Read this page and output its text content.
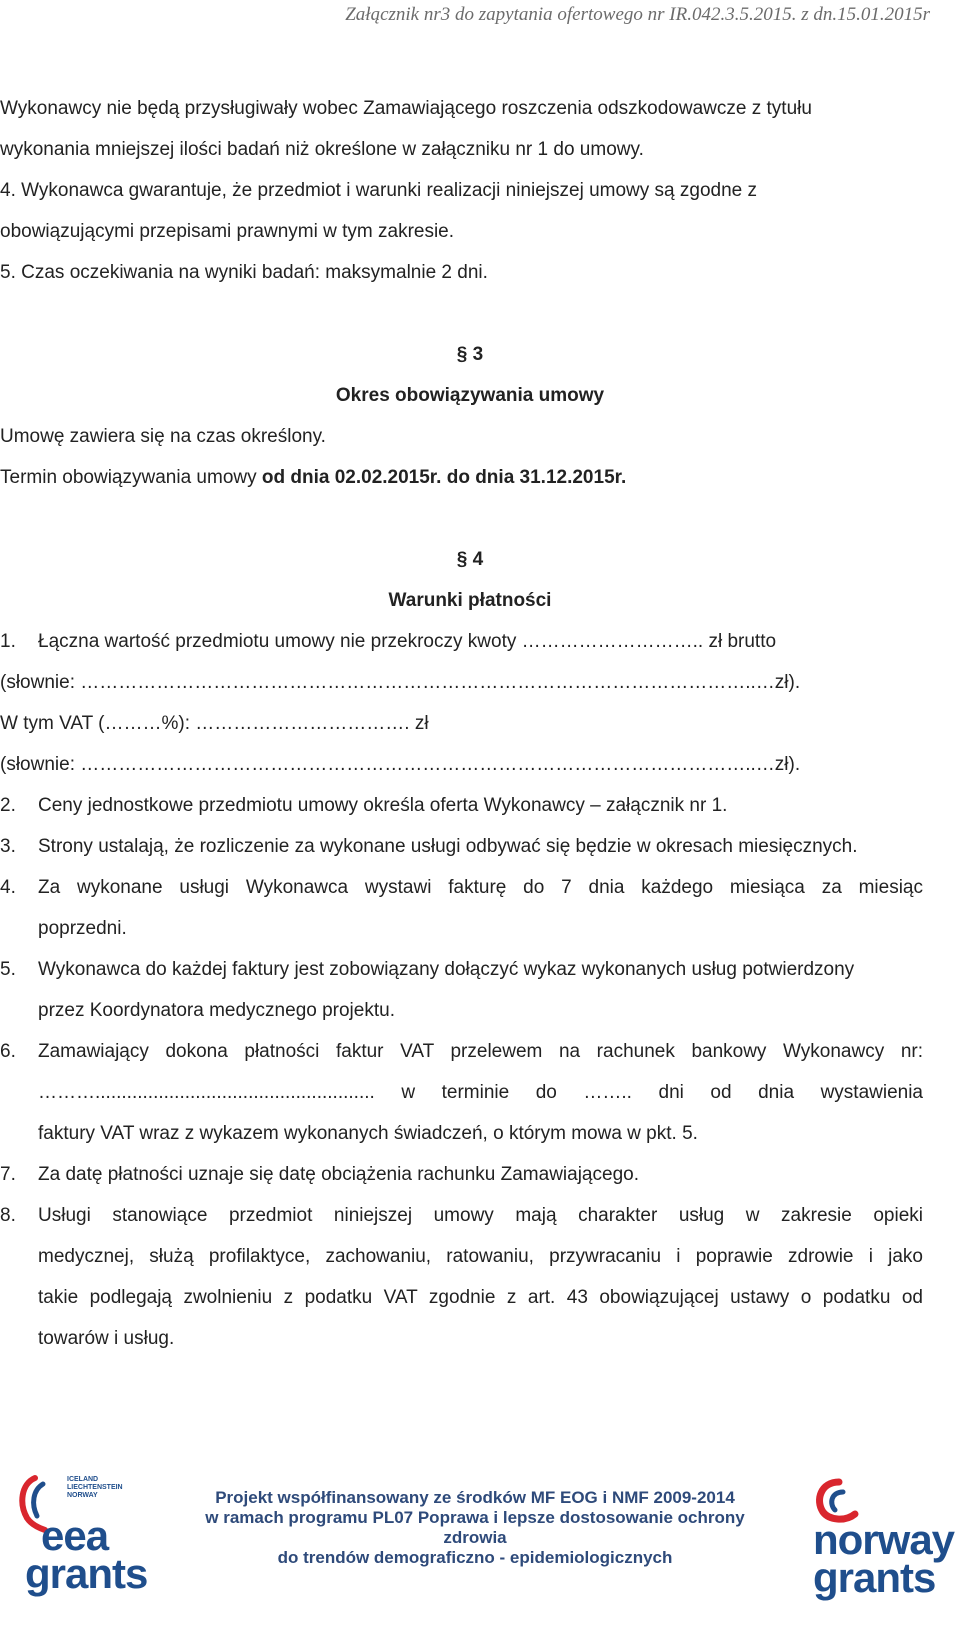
Załącznik nr3 do zapytania ofertowego nr IR.042.3.5.2015. z dn.15.01.2015r
Wykonawcy nie będą przysługiwały wobec Zamawiającego roszczenia odszkodowawcze z tytułu
wykonania mniejszej ilości badań niż określone w załączniku nr 1 do umowy.
4. Wykonawca gwarantuje, że przedmiot i warunki realizacji niniejszej umowy są zgodne z
obowiązującymi przepisami prawnymi w tym zakresie.
5. Czas oczekiwania na wyniki badań: maksymalnie 2 dni.
§ 3
Okres obowiązywania umowy
Umowę zawiera się na czas określony.
Termin obowiązywania umowy od dnia 02.02.2015r. do dnia 31.12.2015r.
§ 4
Warunki płatności
1. Łączna wartość przedmiotu umowy nie przekroczy kwoty ……………………….. zł brutto
(słownie: ……………………………………………………………………………………………..…zł).
W tym VAT (………%): ……………………………. zł
(słownie: ……………………………………………………………………………………………..…zł).
2. Ceny jednostkowe przedmiotu umowy określa oferta Wykonawcy – załącznik nr 1.
3. Strony ustalają, że rozliczenie za wykonane usługi odbywać się będzie w okresach miesięcznych.
4. Za wykonane usługi Wykonawca wystawi fakturę do 7 dnia każdego miesiąca za miesiąc
poprzedni.
5. Wykonawca do każdej faktury jest zobowiązany dołączyć wykaz wykonanych usług potwierdzony
przez Koordynatora medycznego projektu.
6. Zamawiający dokona płatności faktur VAT przelewem na rachunek bankowy Wykonawcy nr:
………..................................................... w terminie do …….. dni od dnia wystawienia
faktury VAT wraz z wykazem wykonanych świadczeń, o którym mowa w pkt. 5.
7. Za datę płatności uznaje się datę obciążenia rachunku Zamawiającego.
8. Usługi stanowiące przedmiot niniejszej umowy mają charakter usług w zakresie opieki
medycznej, służą profilaktyce, zachowaniu, ratowaniu, przywracaniu i poprawie zdrowie i jako
takie podlegają zwolnieniu z podatku VAT zgodnie z art. 43 obowiązującej ustawy o podatku od
towarów i usług.
ICELAND
LIECHTENSTEIN
NORWAY
eea
grants
Projekt współfinansowany ze środków MF EOG i NMF 2009-2014
w ramach programu PL07 Poprawa i lepsze dostosowanie ochrony zdrowia
do trendów demograficzno - epidemiologicznych	norway
grants
